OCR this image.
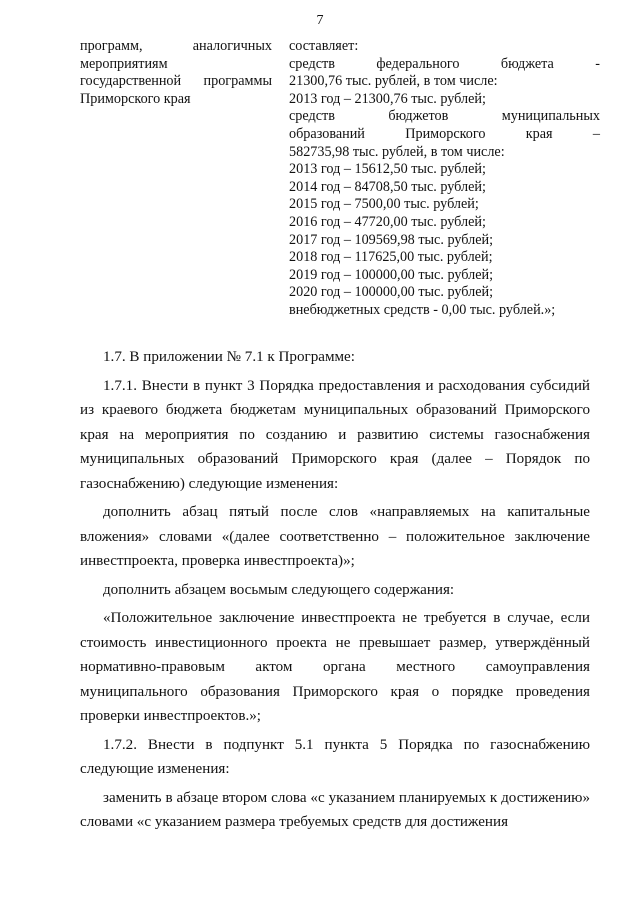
7
программ, аналогичных
мероприятиям
государственной программы
Приморского края
составляет:
средств федерального бюджета -
21300,76 тыс. рублей, в том числе:
2013 год – 21300,76 тыс. рублей;
средств бюджетов муниципальных
образований Приморского края –
582735,98 тыс. рублей, в том числе:
2013 год – 15612,50 тыс. рублей;
2014 год – 84708,50 тыс. рублей;
2015 год – 7500,00 тыс. рублей;
2016 год – 47720,00 тыс. рублей;
2017 год – 109569,98 тыс. рублей;
2018 год – 117625,00 тыс. рублей;
2019 год – 100000,00 тыс. рублей;
2020 год – 100000,00 тыс. рублей;
внебюджетных средств - 0,00 тыс. рублей.»;

1.7. В приложении № 7.1 к Программе:

1.7.1. Внести в пункт 3 Порядка предоставления и расходования субсидий из краевого бюджета бюджетам муниципальных образований Приморского края на мероприятия по созданию и развитию системы газоснабжения муниципальных образований Приморского края (далее – Порядок по газоснабжению) следующие изменения:

дополнить абзац пятый после слов «направляемых на капитальные вложения» словами «(далее соответственно – положительное заключение инвестпроекта, проверка инвестпроекта)»;

дополнить абзацем восьмым следующего содержания:

«Положительное заключение инвестпроекта не требуется в случае, если стоимость инвестиционного проекта не превышает размер, утверждённый нормативно-правовым актом органа местного самоуправления муниципального образования Приморского края о порядке проведения проверки инвестпроектов.»;

1.7.2. Внести в подпункт 5.1 пункта 5 Порядка по газоснабжению следующие изменения:

заменить в абзаце втором слова «с указанием планируемых к достижению» словами «с указанием размера требуемых средств для достижения
